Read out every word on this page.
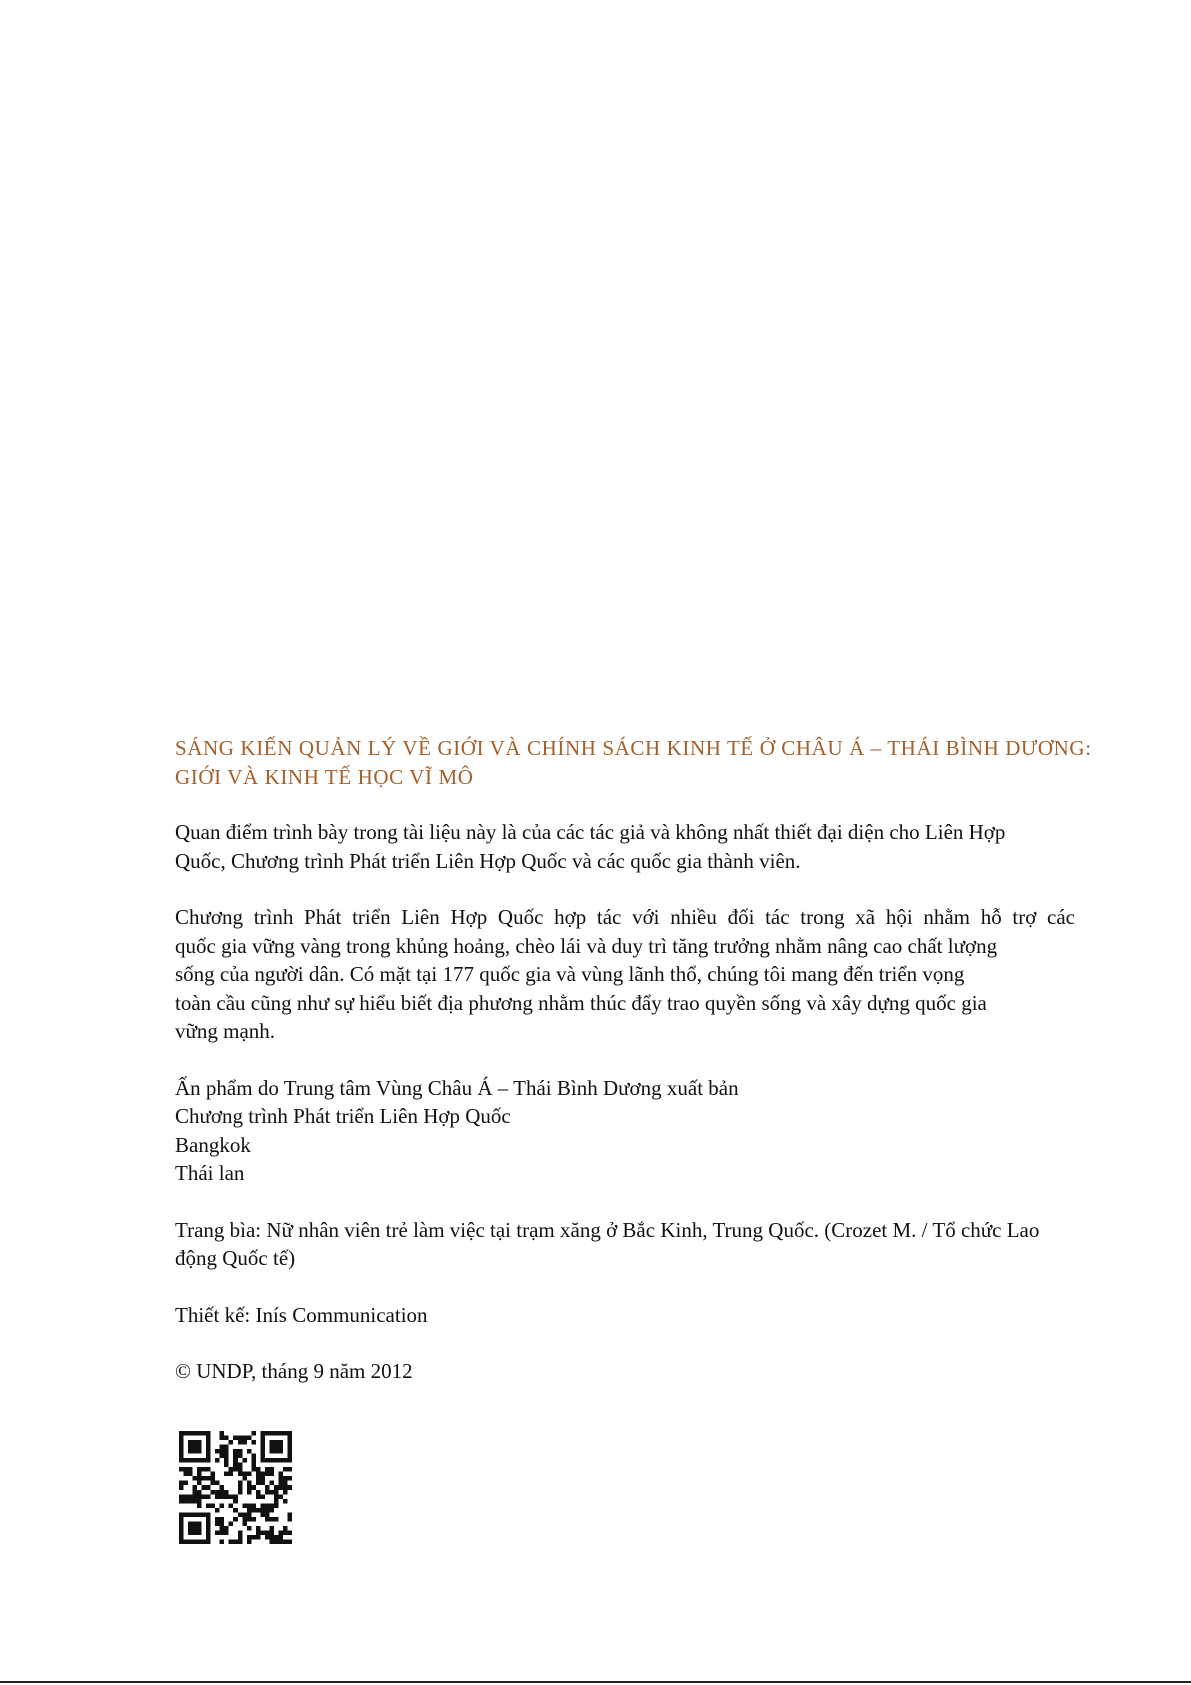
SÁNG KIẾN QUẢN LÝ VỀ GIỚI VÀ CHÍNH SÁCH KINH TẾ Ở CHÂU Á – THÁI BÌNH DƯƠNG:
GIỚI VÀ KINH TẾ HỌC VĨ MÔ
Quan điểm trình bày trong tài liệu này là của các tác giả và không nhất thiết đại diện cho Liên Hợp
Quốc, Chương trình Phát triển Liên Hợp Quốc và các quốc gia thành viên.
Chương trình Phát triển Liên Hợp Quốc hợp tác với nhiều đối tác trong xã hội nhằm hỗ trợ các
quốc gia vững vàng trong khủng hoảng, chèo lái và duy trì tăng trưởng nhằm nâng cao chất lượng
sống của người dân. Có mặt tại 177 quốc gia và vùng lãnh thổ, chúng tôi mang đến triển vọng
toàn cầu cũng như sự hiểu biết địa phương nhằm thúc đẩy trao quyền sống và xây dựng quốc gia
vững mạnh.
Ấn phẩm do Trung tâm Vùng Châu Á – Thái Bình Dương xuất bản
Chương trình Phát triển Liên Hợp Quốc
Bangkok
Thái lan
Trang bìa: Nữ nhân viên trẻ làm việc tại trạm xăng ở Bắc Kinh, Trung Quốc. (Crozet M. / Tổ chức Lao
động Quốc tế)
Thiết kế: Inís Communication
© UNDP, tháng 9 năm 2012
